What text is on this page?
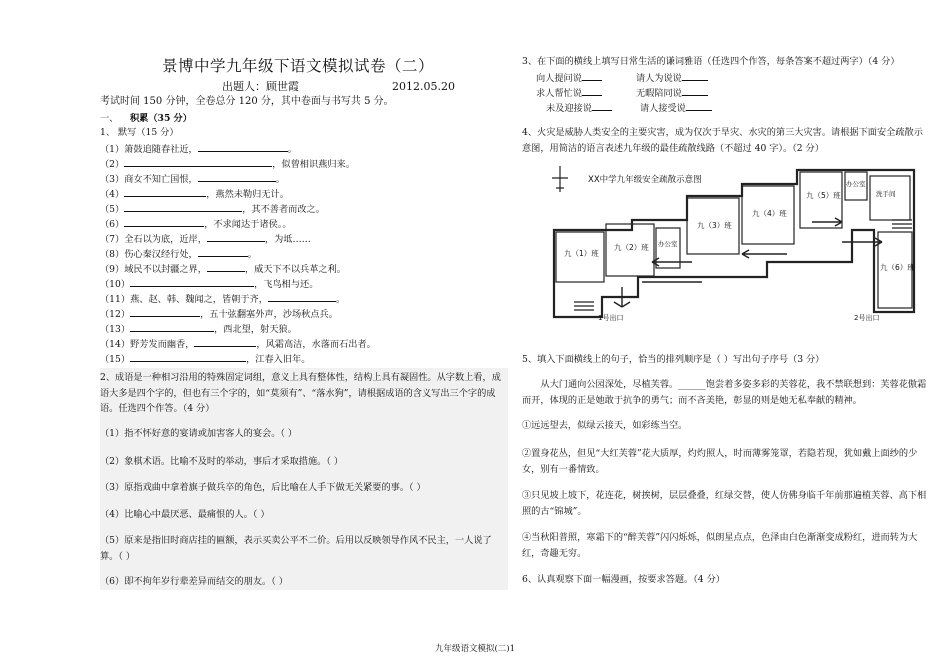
景博中学九年级下语文模拟试卷（二）
出题人：顾世霞	2012.05.20
考试时间 150 分钟，全卷总分 120 分，其中卷面与书写共 5 分。
一、 积累（35 分）
1、 默写（15 分）
（1）箫鼓追随春社近，	。
（2）	，似曾相识燕归来。
（3）商女不知亡国恨，	。
（4）	，燕然未勒归无计。
（5）	，其不善者而改之。
（6）	，不求闻达于诸侯。。
（7）全石以为底，近岸，	，为坻……
（8）伤心秦汉经行处，	。
（9）域民不以封疆之界，	，威天下不以兵革之利。
（10）	，飞鸟相与还。
（11）燕、赵、韩、魏闻之，皆朝于齐，	。
（12）	，五十弦翻塞外声，沙场秋点兵。
（13）	，西北望，射天狼。
（14）野芳发而幽香，	，风霜高洁，水落而石出者。
（15）	，江春入旧年。
2、成语是一种相习沿用的特殊固定词组，意义上具有整体性，结构上具有凝固性。从字数上看，成语大多是四个字的，但也有三个字的，如“莫须有”、“落水狗”，请根据成语的含义写出三个字的成语。任选四个作答。（4 分）
（1）指不怀好意的宴请或加害客人的宴会。（ ）
（2）象棋术语。比喻不及时的举动，事后才采取措施。（ ）
（3）原指戏曲中拿着旗子做兵卒的角色，后比喻在人手下做无关紧要的事。（ ）
（4）比喻心中最厌恶、最痛恨的人。（ ）
（5）原来是指旧时商店挂的匾额，表示买卖公平不二价。后用以反映领导作风不民主，一人说了算。（ ）
（6）即不拘年岁行辈差异而结交的朋友。（ ）
3、在下面的横线上填写日常生活的谦词雅语（任选四个作答，每条答案不超过两字）（4 分）
向人提问说	请人为说说
求人帮忙说	无暇陪同说
未及迎接说	请人接受说
4、火灾是威胁人类安全的主要灾害，成为仅次于旱灾、水灾的第三大灾害。请根据下面安全疏散示意图，用简洁的语言表述九年级的最佳疏散线路（不超过 40 字）。（2 分）
XX中学九年级安全疏散示意图
九（1）班
九（2）班
九（3）班
九（4）班
九（5）班
九（6）班
办公室
办公室
洗手间
1号出口	2号出口
5、填入下面横线上的句子，恰当的排列顺序是（ ）写出句子序号（3 分）
从大门通向公园深处，尽植芙蓉。______饱尝着多姿多彩的芙蓉花，我不禁联想到：芙蓉花傲霜而开，体现的正是她敢于抗争的勇气；而不吝美艳，彰显的则是她无私奉献的精神。
①远远望去，似绿云接天，如彩练当空。
②置身花丛，但见“大红芙蓉”花大质厚，灼灼照人，时而薄雾笼罩，若隐若现，犹如戴上面纱的少女，别有一番情致。
③只见坡上坡下，花连花，树挨树，层层叠叠，红绿交替，使人仿佛身临千年前那遍植芙蓉、高下相照的古“锦城”。
④当秋阳普照，寒霜下的“醉芙蓉”闪闪烁烁，似朗星点点，色泽由白色渐渐变成粉红，进而转为大红，奇趣无穷。
6、认真观察下面一幅漫画，按要求答题。（4 分）
九年级语文模拟(二)1
